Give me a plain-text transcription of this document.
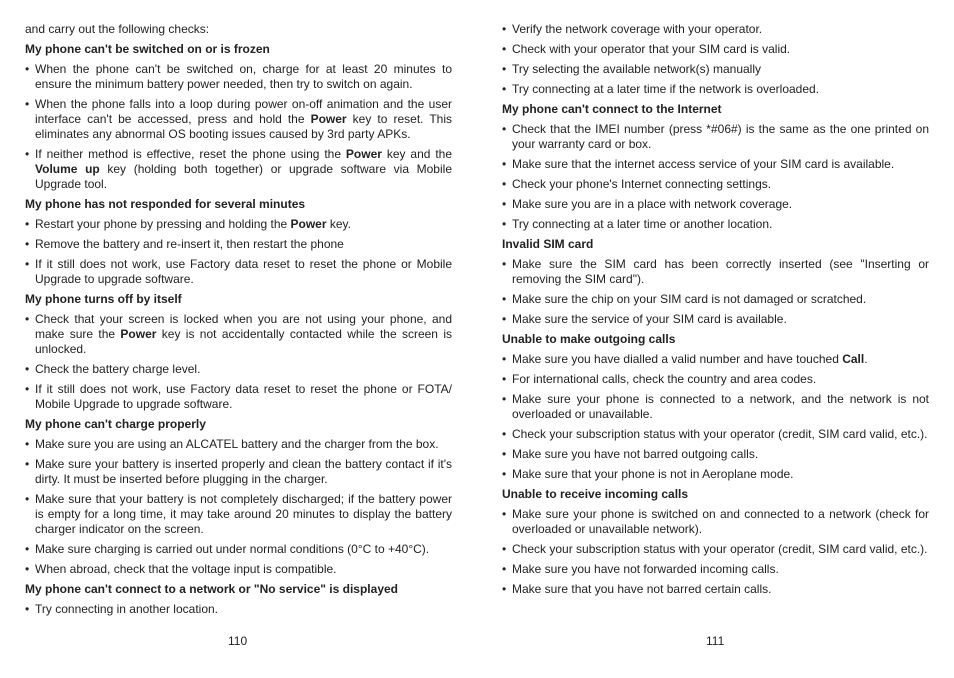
and carry out the following checks:
My phone can't be switched on or is frozen
• When the phone can't be switched on, charge for at least 20 minutes to ensure the minimum battery power needed, then try to switch on again.
• When the phone falls into a loop during power on-off animation and the user interface can't be accessed, press and hold the Power key to reset. This eliminates any abnormal OS booting issues caused by 3rd party APKs.
• If neither method is effective, reset the phone using the Power key and the Volume up key (holding both together) or upgrade software via Mobile Upgrade tool.
My phone has not responded for several minutes
• Restart your phone by pressing and holding the Power key.
• Remove the battery and re-insert it, then restart the phone
• If it still does not work, use Factory data reset to reset the phone or Mobile Upgrade to upgrade software.
My phone turns off by itself
• Check that your screen is locked when you are not using your phone, and make sure the Power key is not accidentally contacted while the screen is unlocked.
• Check the battery charge level.
• If it still does not work, use Factory data reset to reset the phone or FOTA/ Mobile Upgrade to upgrade software.
My phone can't charge properly
• Make sure you are using an ALCATEL battery and the charger from the box.
• Make sure your battery is inserted properly and clean the battery contact if it's dirty. It must be inserted before plugging in the charger.
• Make sure that your battery is not completely discharged; if the battery power is empty for a long time, it may take around 20 minutes to display the battery charger indicator on the screen.
• Make sure charging is carried out under normal conditions (0°C to +40°C).
• When abroad, check that the voltage input is compatible.
My phone can't connect to a network or "No service" is displayed
• Try connecting in another location.
• Verify the network coverage with your operator.
• Check with your operator that your SIM card is valid.
• Try selecting the available network(s) manually
• Try connecting at a later time if the network is overloaded.
My phone can't connect to the Internet
• Check that the IMEI number (press *#06#) is the same as the one printed on your warranty card or box.
• Make sure that the internet access service of your SIM card is available.
• Check your phone's Internet connecting settings.
• Make sure you are in a place with network coverage.
• Try connecting at a later time or another location.
Invalid SIM card
• Make sure the SIM card has been correctly inserted (see "Inserting or removing the SIM card").
• Make sure the chip on your SIM card is not damaged or scratched.
• Make sure the service of your SIM card is available.
Unable to make outgoing calls
• Make sure you have dialled a valid number and have touched Call.
• For international calls, check the country and area codes.
• Make sure your phone is connected to a network, and the network is not overloaded or unavailable.
• Check your subscription status with your operator (credit, SIM card valid, etc.).
• Make sure you have not barred outgoing calls.
• Make sure that your phone is not in Aeroplane mode.
Unable to receive incoming calls
• Make sure your phone is switched on and connected to a network (check for overloaded or unavailable network).
• Check your subscription status with your operator (credit, SIM card valid, etc.).
• Make sure you have not forwarded incoming calls.
• Make sure that you have not barred certain calls.
110	111
